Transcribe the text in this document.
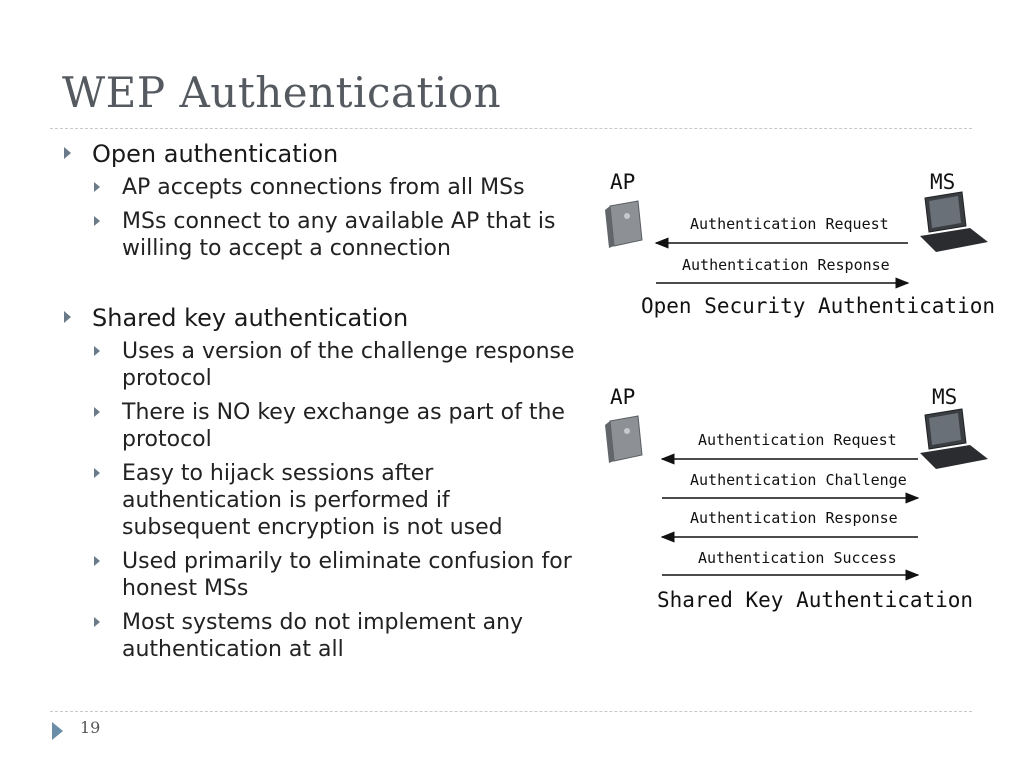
WEP Authentication
Open authentication
AP accepts connections from all MSs
MSs connect to any available AP that is willing to accept a connection
Shared key authentication
Uses a version of the challenge response protocol
There is NO key exchange as part of the protocol
Easy to hijack sessions after authentication is performed if subsequent encryption is not used
Used primarily to eliminate confusion for honest MSs
Most systems do not implement any authentication at all
AP	MS
Authentication Request
Authentication Response
Open Security Authentication
AP	MS
Authentication Request
Authentication Challenge
Authentication Response
Authentication Success
Shared Key Authentication
19
